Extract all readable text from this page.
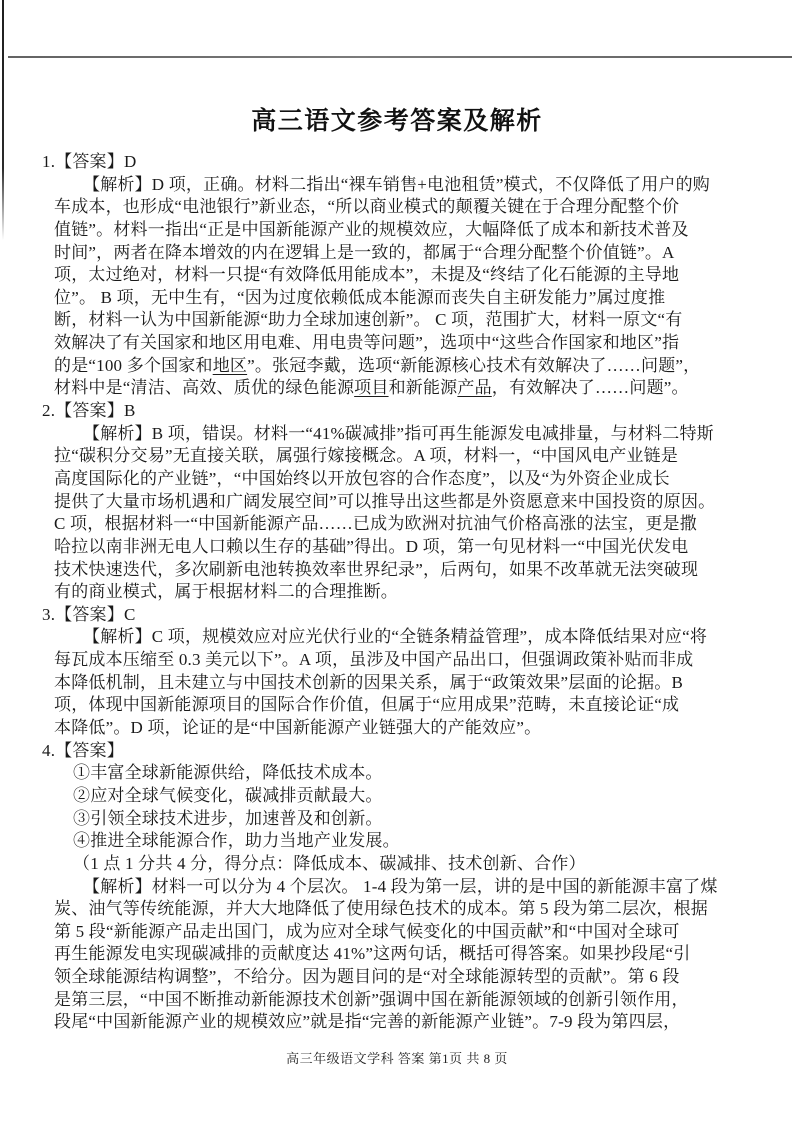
高三语文参考答案及解析
1.【答案】D
【解析】D 项，正确。材料二指出“裸车销售+电池租赁”模式，不仅降低了用户的购
车成本，也形成“电池银行”新业态，“所以商业模式的颠覆关键在于合理分配整个价
值链”。材料一指出“正是中国新能源产业的规模效应，大幅降低了成本和新技术普及
时间”，两者在降本增效的内在逻辑上是一致的，都属于“合理分配整个价值链”。A
项，太过绝对，材料一只提“有效降低用能成本”，未提及“终结了化石能源的主导地
位”。 B 项，无中生有，“因为过度依赖低成本能源而丧失自主研发能力”属过度推
断，材料一认为中国新能源“助力全球加速创新”。 C 项，范围扩大，材料一原文“有
效解决了有关国家和地区用电难、用电贵等问题”，选项中“这些合作国家和地区”指
的是“100 多个国家和地区”。张冠李戴，选项“新能源核心技术有效解决了……问题”，
材料中是“清洁、高效、质优的绿色能源项目和新能源产品，有效解决了……问题”。
2.【答案】B
【解析】B 项，错误。材料一“41%碳减排”指可再生能源发电减排量，与材料二特斯
拉“碳积分交易”无直接关联，属强行嫁接概念。A 项，材料一，“中国风电产业链是
高度国际化的产业链”，“中国始终以开放包容的合作态度”，以及“为外资企业成长
提供了大量市场机遇和广阔发展空间”可以推导出这些都是外资愿意来中国投资的原因。
C 项，根据材料一“中国新能源产品……已成为欧洲对抗油气价格高涨的法宝，更是撒
哈拉以南非洲无电人口赖以生存的基础”得出。D 项，第一句见材料一“中国光伏发电
技术快速迭代，多次刷新电池转换效率世界纪录”，后两句，如果不改革就无法突破现
有的商业模式，属于根据材料二的合理推断。
3.【答案】C
【解析】C 项，规模效应对应光伏行业的“全链条精益管理”，成本降低结果对应“将
每瓦成本压缩至 0.3 美元以下”。A 项，虽涉及中国产品出口，但强调政策补贴而非成
本降低机制，且未建立与中国技术创新的因果关系，属于“政策效果”层面的论据。B
项，体现中国新能源项目的国际合作价值，但属于“应用成果”范畴，未直接论证“成
本降低”。D 项，论证的是“中国新能源产业链强大的产能效应”。
4.【答案】
①丰富全球新能源供给，降低技术成本。
②应对全球气候变化，碳减排贡献最大。
③引领全球技术进步，加速普及和创新。
④推进全球能源合作，助力当地产业发展。
（1 点 1 分共 4 分，得分点：降低成本、碳减排、技术创新、合作）
【解析】材料一可以分为 4 个层次。 1-4 段为第一层，讲的是中国的新能源丰富了煤
炭、油气等传统能源，并大大地降低了使用绿色技术的成本。第 5 段为第二层次，根据
第 5 段“新能源产品走出国门，成为应对全球气候变化的中国贡献”和“中国对全球可
再生能源发电实现碳减排的贡献度达 41%”这两句话，概括可得答案。如果抄段尾“引
领全球能源结构调整”，不给分。因为题目问的是“对全球能源转型的贡献”。第 6 段
是第三层，“中国不断推动新能源技术创新”强调中国在新能源领域的创新引领作用，
段尾“中国新能源产业的规模效应”就是指“完善的新能源产业链”。7-9 段为第四层，
高三年级语文学科 答案 第1页 共 8 页
